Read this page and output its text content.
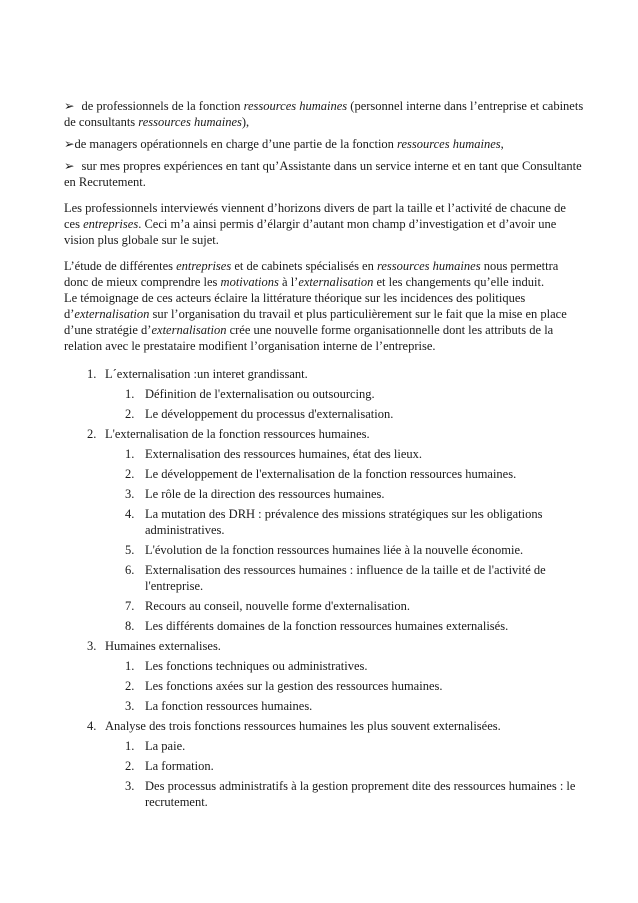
➢ de professionnels de la fonction ressources humaines (personnel interne dans l’entreprise et cabinets de consultants ressources humaines),

➢de managers opérationnels en charge d’une partie de la fonction ressources humaines,

➢ sur mes propres expériences en tant qu’Assistante dans un service interne et en tant que Consultante en Recrutement.

Les professionnels interviewés viennent d’horizons divers de part la taille et l’activité de chacune de ces entreprises. Ceci m’a ainsi permis d’élargir d’autant mon champ d’investigation et d’avoir une vision plus globale sur le sujet.

L’étude de différentes entreprises et de cabinets spécialisés en ressources humaines nous permettra donc de mieux comprendre les motivations à l’externalisation et les changements qu’elle induit.
Le témoignage de ces acteurs éclaire la littérature théorique sur les incidences des politiques d’externalisation sur l’organisation du travail et plus particulièrement sur le fait que la mise en place d’une stratégie d’externalisation crée une nouvelle forme organisationnelle dont les attributs de la relation avec le prestataire modifient l’organisation interne de l’entreprise.

1. L´externalisation :un interet grandissant.
1. Définition de l'externalisation ou outsourcing.
2. Le développement du processus d'externalisation.
2. L'externalisation de la fonction ressources humaines.
1. Externalisation des ressources humaines, état des lieux.
2. Le développement de l'externalisation de la fonction ressources humaines.
3. Le rôle de la direction des ressources humaines.
4. La mutation des DRH : prévalence des missions stratégiques sur les obligations administratives.
5. L'évolution de la fonction ressources humaines liée à la nouvelle économie.
6. Externalisation des ressources humaines : influence de la taille et de l'activité de l'entreprise.
7. Recours au conseil, nouvelle forme d'externalisation.
8. Les différents domaines de la fonction ressources humaines externalisés.
3. Humaines externalises.
1. Les fonctions techniques ou administratives.
2. Les fonctions axées sur la gestion des ressources humaines.
3. La fonction ressources humaines.
4. Analyse des trois fonctions ressources humaines les plus souvent externalisées.
1. La paie.
2. La formation.
3. Des processus administratifs à la gestion proprement dite des ressources humaines : le recrutement.
